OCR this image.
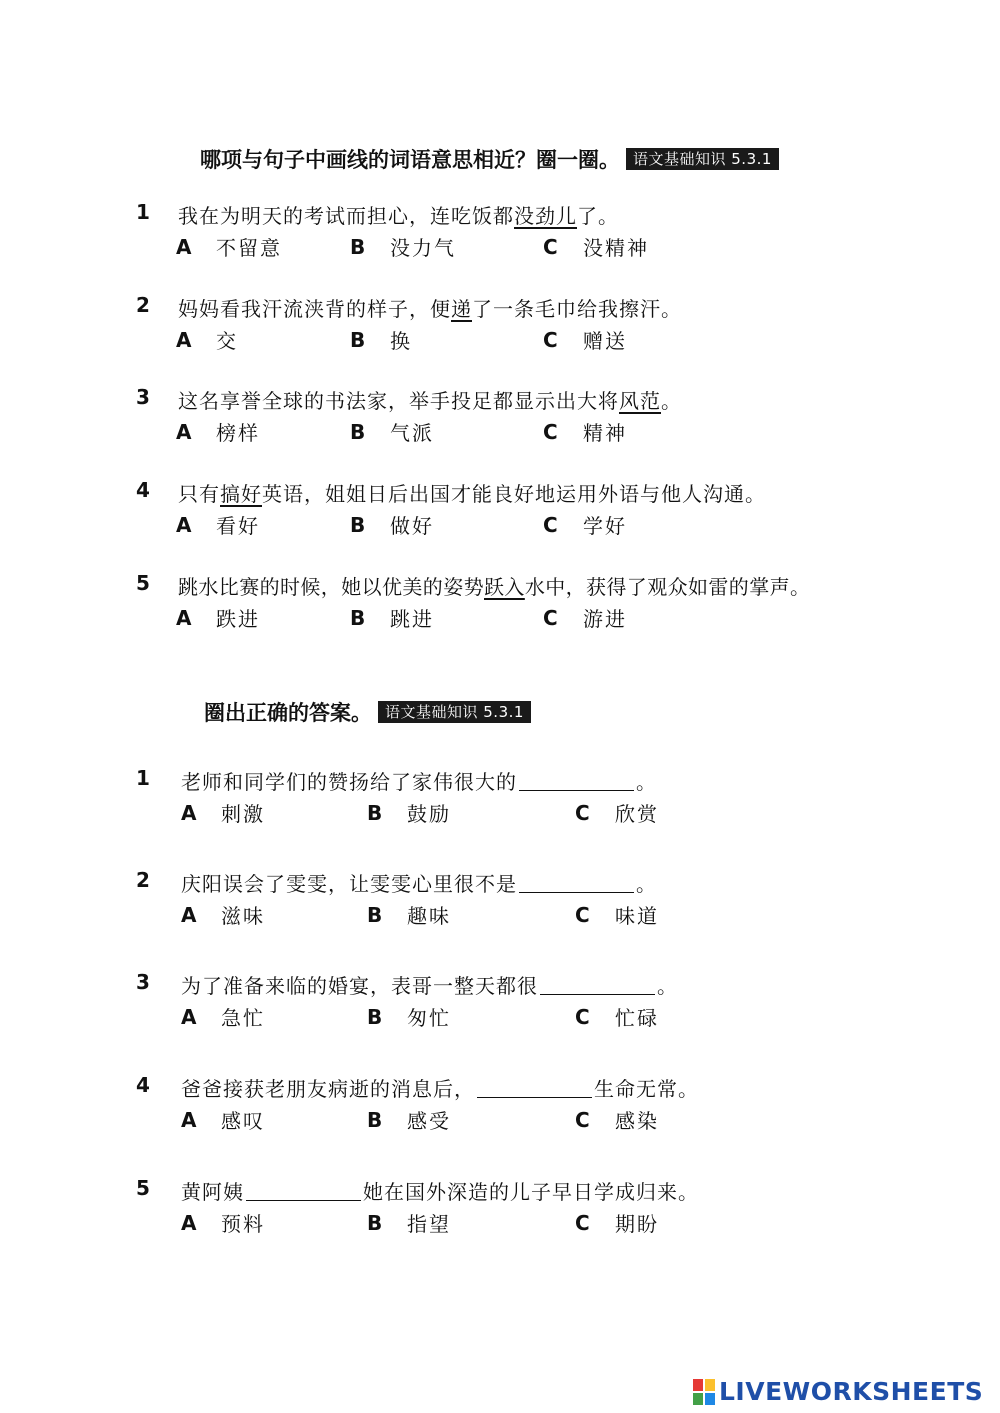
哪项与句子中画线的词语意思相近？圈一圈。 语文基础知识 5.3.1
1	我在为明天的考试而担心，连吃饭都没劲儿了。
A	不留意	B	没力气	C	没精神
2	妈妈看我汗流浃背的样子，便递了一条毛巾给我擦汗。
A	交	B	换	C	赠送
3	这名享誉全球的书法家，举手投足都显示出大将风范。
A	榜样	B	气派	C	精神
4	只有搞好英语，姐姐日后出国才能良好地运用外语与他人沟通。
A	看好	B	做好	C	学好
5	跳水比赛的时候，她以优美的姿势跃入水中，获得了观众如雷的掌声。
A	跌进	B	跳进	C	游进
圈出正确的答案。 语文基础知识 5.3.1
1	老师和同学们的赞扬给了家伟很大的	。
A	刺激	B	鼓励	C	欣赏
2	庆阳误会了雯雯，让雯雯心里很不是	。
A	滋味	B	趣味	C	味道
3	为了准备来临的婚宴，表哥一整天都很	。
A	急忙	B	匆忙	C	忙碌
4	爸爸接获老朋友病逝的消息后，	生命无常。
A	感叹	B	感受	C	感染
5	黄阿姨	她在国外深造的儿子早日学成归来。
A	预料	B	指望	C	期盼
LIVEWORKSHEETS
